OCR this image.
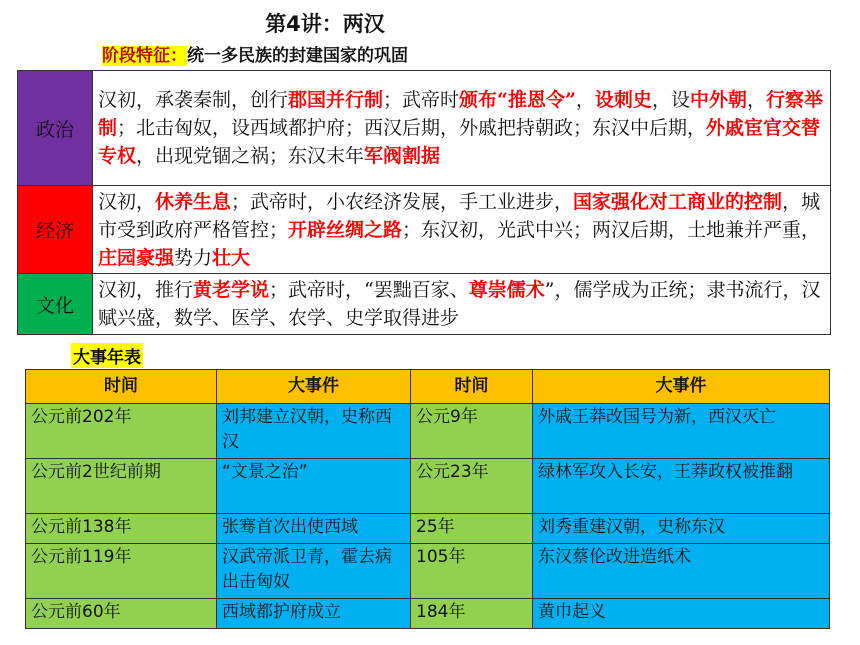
第4讲：两汉
阶段特征：统一多民族的封建国家的巩固
政治	汉初，承袭秦制，创行郡国并行制；武帝时颁布“推恩令”，设刺史，设中外朝，行察举制；北击匈奴，设西域都护府；西汉后期，外戚把持朝政；东汉中后期，外戚宦官交替专权，出现党锢之祸；东汉末年军阀割据
经济	汉初，休养生息；武帝时，小农经济发展，手工业进步，国家强化对工商业的控制，城市受到政府严格管控；开辟丝绸之路；东汉初，光武中兴；两汉后期，土地兼并严重，庄园豪强势力壮大
文化	汉初，推行黄老学说；武帝时，“罢黜百家、尊崇儒术”，儒学成为正统；隶书流行，汉赋兴盛，数学、医学、农学、史学取得进步
大事年表
时间	大事件	时间	大事件
公元前202年	刘邦建立汉朝，史称西汉	公元9年	外戚王莽改国号为新，西汉灭亡
公元前2世纪前期	“文景之治”	公元23年	绿林军攻入长安，王莽政权被推翻
公元前138年	张骞首次出使西域	25年	刘秀重建汉朝，史称东汉
公元前119年	汉武帝派卫青，霍去病出击匈奴	105年	东汉蔡伦改进造纸术
公元前60年	西域都护府成立	184年	黄巾起义
